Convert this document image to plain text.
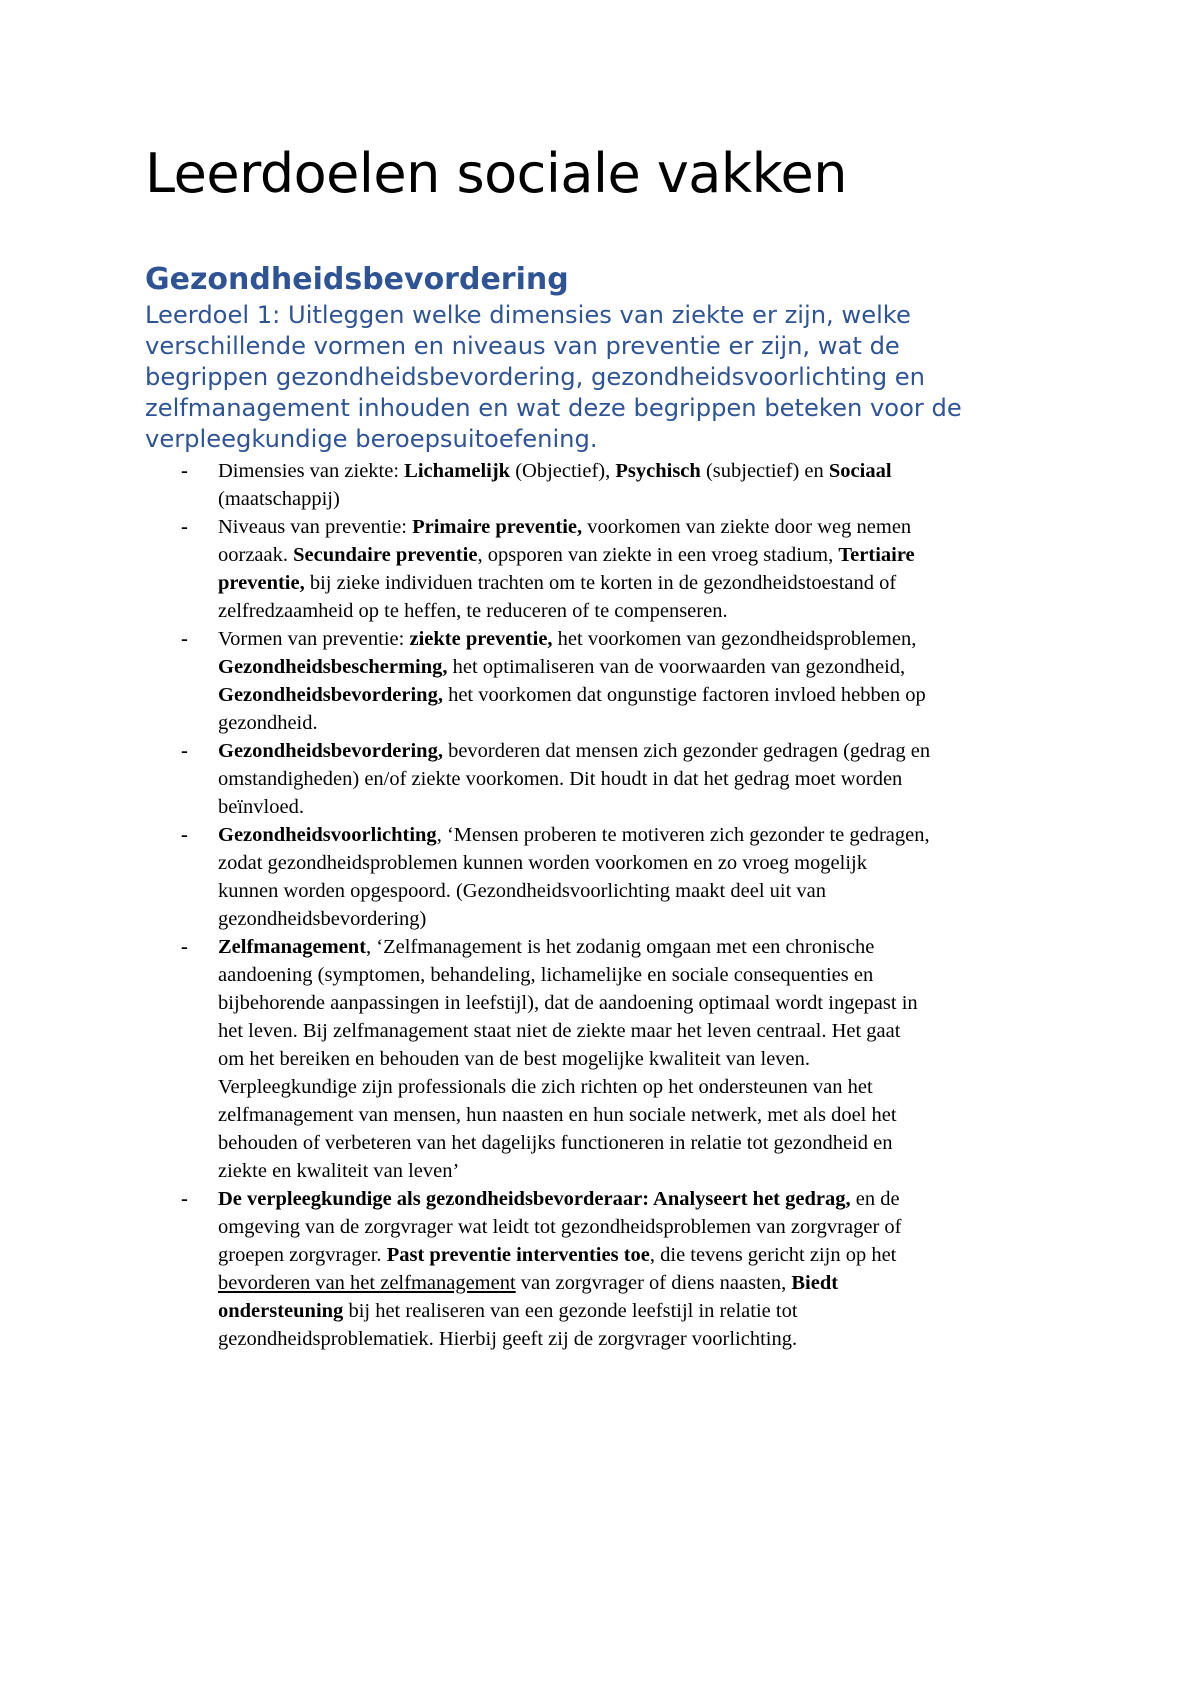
Leerdoelen sociale vakken
Gezondheidsbevordering
Leerdoel 1: Uitleggen welke dimensies van ziekte er zijn, welke
verschillende vormen en niveaus van preventie er zijn, wat de
begrippen gezondheidsbevordering, gezondheidsvoorlichting en
zelfmanagement inhouden en wat deze begrippen beteken voor de
verpleegkundige beroepsuitoefening.
- Dimensies van ziekte: Lichamelijk (Objectief), Psychisch (subjectief) en Sociaal
(maatschappij)
- Niveaus van preventie: Primaire preventie, voorkomen van ziekte door weg nemen
oorzaak. Secundaire preventie, opsporen van ziekte in een vroeg stadium, Tertiaire
preventie, bij zieke individuen trachten om te korten in de gezondheidstoestand of
zelfredzaamheid op te heffen, te reduceren of te compenseren.
- Vormen van preventie: ziekte preventie, het voorkomen van gezondheidsproblemen,
Gezondheidsbescherming, het optimaliseren van de voorwaarden van gezondheid,
Gezondheidsbevordering, het voorkomen dat ongunstige factoren invloed hebben op
gezondheid.
- Gezondheidsbevordering, bevorderen dat mensen zich gezonder gedragen (gedrag en
omstandigheden) en/of ziekte voorkomen. Dit houdt in dat het gedrag moet worden
beïnvloed.
- Gezondheidsvoorlichting, ‘Mensen proberen te motiveren zich gezonder te gedragen,
zodat gezondheidsproblemen kunnen worden voorkomen en zo vroeg mogelijk
kunnen worden opgespoord. (Gezondheidsvoorlichting maakt deel uit van
gezondheidsbevordering)
- Zelfmanagement, ‘Zelfmanagement is het zodanig omgaan met een chronische
aandoening (symptomen, behandeling, lichamelijke en sociale consequenties en
bijbehorende aanpassingen in leefstijl), dat de aandoening optimaal wordt ingepast in
het leven. Bij zelfmanagement staat niet de ziekte maar het leven centraal. Het gaat
om het bereiken en behouden van de best mogelijke kwaliteit van leven.
Verpleegkundige zijn professionals die zich richten op het ondersteunen van het
zelfmanagement van mensen, hun naasten en hun sociale netwerk, met als doel het
behouden of verbeteren van het dagelijks functioneren in relatie tot gezondheid en
ziekte en kwaliteit van leven’
- De verpleegkundige als gezondheidsbevorderaar: Analyseert het gedrag, en de
omgeving van de zorgvrager wat leidt tot gezondheidsproblemen van zorgvrager of
groepen zorgvrager. Past preventie interventies toe, die tevens gericht zijn op het
bevorderen van het zelfmanagement van zorgvrager of diens naasten, Biedt
ondersteuning bij het realiseren van een gezonde leefstijl in relatie tot
gezondheidsproblematiek. Hierbij geeft zij de zorgvrager voorlichting.
